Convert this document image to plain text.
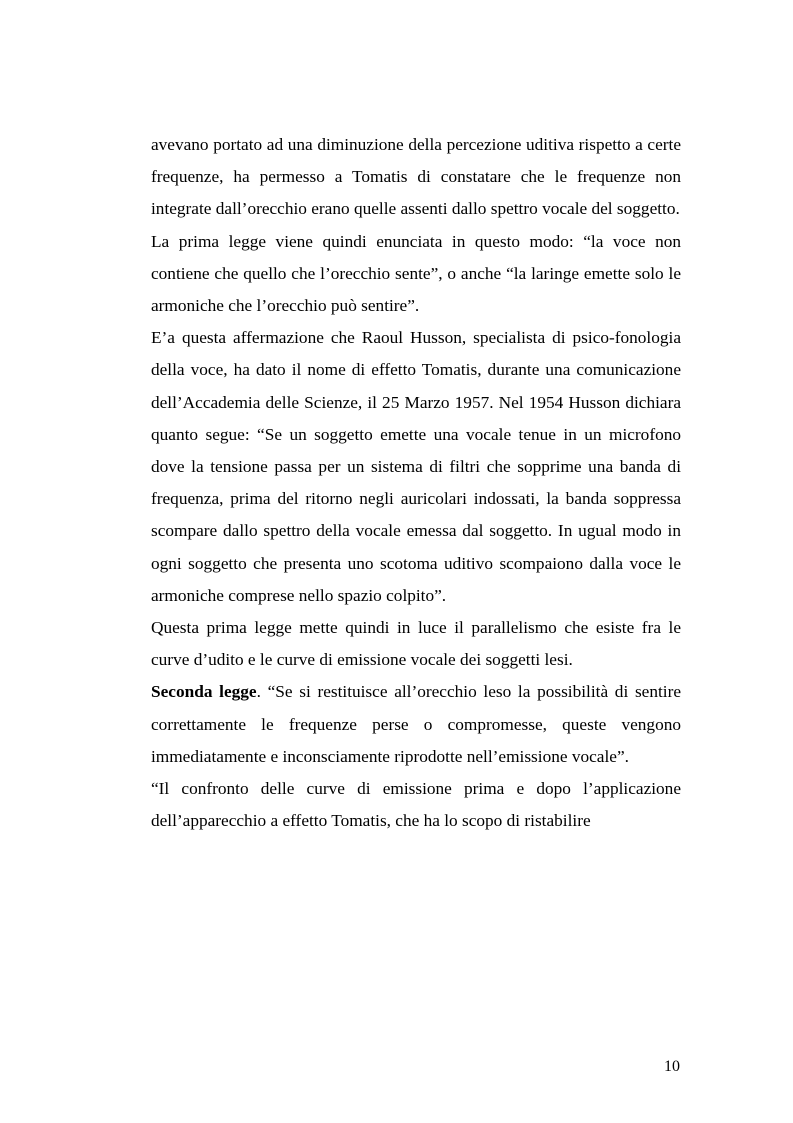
avevano portato ad una diminuzione della percezione uditiva rispetto a certe frequenze, ha permesso a Tomatis di constatare che le frequenze non integrate dall’orecchio erano quelle assenti dallo spettro vocale del soggetto.

La prima legge viene quindi enunciata in questo modo: “la voce non contiene che quello che l’orecchio sente”, o anche “la laringe emette solo le armoniche che l’orecchio può sentire”.

E’a questa affermazione che Raoul Husson, specialista di psico-fonologia della voce, ha dato il nome di effetto Tomatis, durante una comunicazione dell’Accademia delle Scienze, il 25 Marzo 1957. Nel 1954 Husson dichiara quanto segue: “Se un soggetto emette una vocale tenue in un microfono dove la tensione passa per un sistema di filtri che sopprime una banda di frequenza, prima del ritorno negli auricolari indossati, la banda soppressa scompare dallo spettro della vocale emessa dal soggetto. In ugual modo in ogni soggetto che presenta uno scotoma uditivo scompaiono dalla voce le armoniche comprese nello spazio colpito”.

Questa prima legge mette quindi in luce il parallelismo che esiste fra le curve d’udito e le curve di emissione vocale dei soggetti lesi.

Seconda legge. “Se si restituisce all’orecchio leso la possibilità di sentire correttamente le frequenze perse o compromesse, queste vengono immediatamente e inconsciamente riprodotte nell’emissione vocale”.

“Il confronto delle curve di emissione prima e dopo l’applicazione dell’apparecchio a effetto Tomatis, che ha lo scopo di ristabilire

10
